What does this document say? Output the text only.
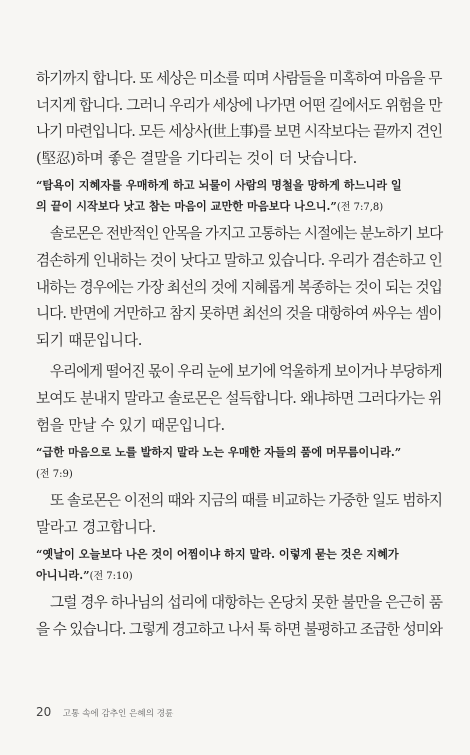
하기까지 합니다. 또 세상은 미소를 띠며 사람들을 미혹하여 마음을 무
너지게 합니다. 그러니 우리가 세상에 나가면 어떤 길에서도 위험을 만
나기 마련입니다. 모든 세상사(世上事)를 보면 시작보다는 끝까지 견인
(堅忍)하며 좋은 결말을 기다리는 것이 더 낫습니다.
“탐욕이 지혜자를 우매하게 하고 뇌물이 사람의 명철을 망하게 하느니라 일
의 끝이 시작보다 낫고 참는 마음이 교만한 마음보다 나으니.”(전 7:7,8)
솔로몬은 전반적인 안목을 가지고 고통하는 시절에는 분노하기 보다
겸손하게 인내하는 것이 낫다고 말하고 있습니다. 우리가 겸손하고 인
내하는 경우에는 가장 최선의 것에 지혜롭게 복종하는 것이 되는 것입
니다. 반면에 거만하고 참지 못하면 최선의 것을 대항하여 싸우는 셈이
되기 때문입니다.
우리에게 떨어진 몫이 우리 눈에 보기에 억울하게 보이거나 부당하게
보여도 분내지 말라고 솔로몬은 설득합니다. 왜냐하면 그러다가는 위
험을 만날 수 있기 때문입니다.
“급한 마음으로 노를 발하지 말라 노는 우매한 자들의 품에 머무름이니라.”
(전 7:9)
또 솔로몬은 이전의 때와 지금의 때를 비교하는 가중한 일도 범하지
말라고 경고합니다.
“옛날이 오늘보다 나은 것이 어찜이냐 하지 말라. 이렇게 묻는 것은 지혜가
아니니라.”(전 7:10)
그럴 경우 하나님의 섭리에 대항하는 온당치 못한 불만을 은근히 품
을 수 있습니다. 그렇게 경고하고 나서 툭 하면 불평하고 조급한 성미와
20 고통 속에 감추인 은혜의 경륜
